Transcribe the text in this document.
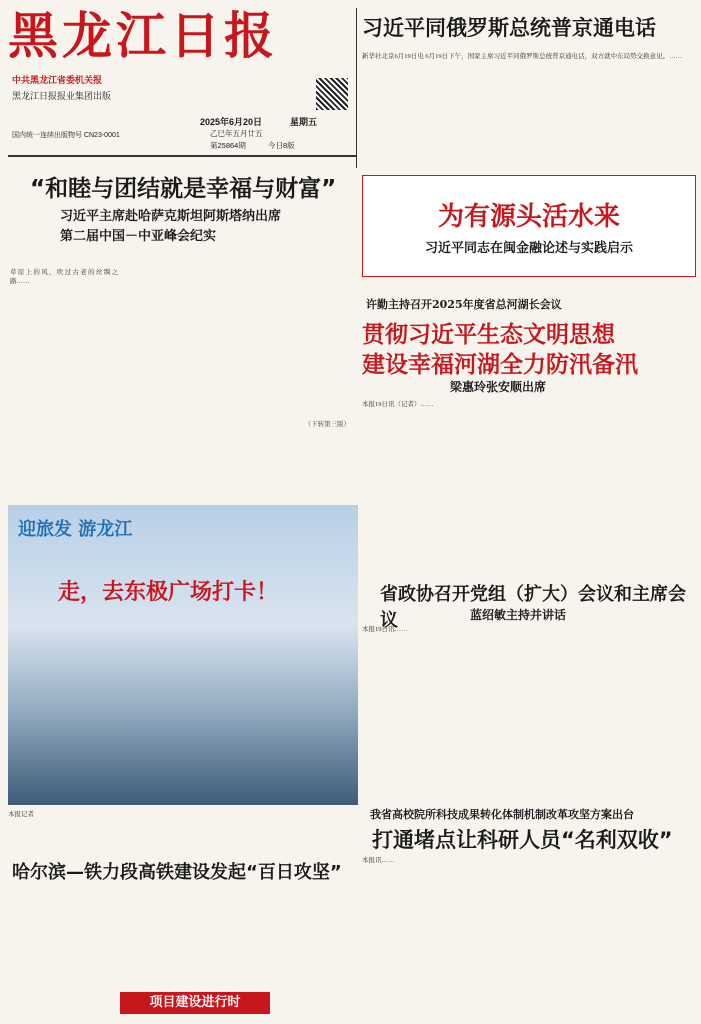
黑龙江日报
中共黑龙江省委机关报
黑龙江日报报业集团出版
国内统一连续出版物号 CN23-0001
2025年6月20日	星期五
乙巳年五月廿五
第25864期	今日8版
习近平同俄罗斯总统普京通电话
新华社北京6月19日电 6月19日下午，国家主席习近平同俄罗斯总统普京通电话，双方就中东局势交换意见。……
“和睦与团结就是幸福与财富”
习近平主席赴哈萨克斯坦阿斯塔纳出席
第二届中国－中亚峰会纪实
草原上的风，吹过古老的丝绸之路……
（下转第三版）
为有源头活水来
习近平同志在闽金融论述与实践启示
许勤主持召开2025年度省总河湖长会议
贯彻习近平生态文明思想
建设幸福河湖全力防汛备汛
梁惠玲张安顺出席
本报19日讯（记者）……
迎旅发 游龙江
走，去东极广场打卡！
本报记者
省政协召开党组（扩大）会议和主席会议	蓝绍敏主持并讲话
本报19日讯……
我省高校院所科技成果转化体制机制改革攻坚方案出台
打通堵点让科研人员“名利双收”
本报讯……
哈尔滨—铁力段高铁建设发起“百日攻坚”
项目建设进行时
